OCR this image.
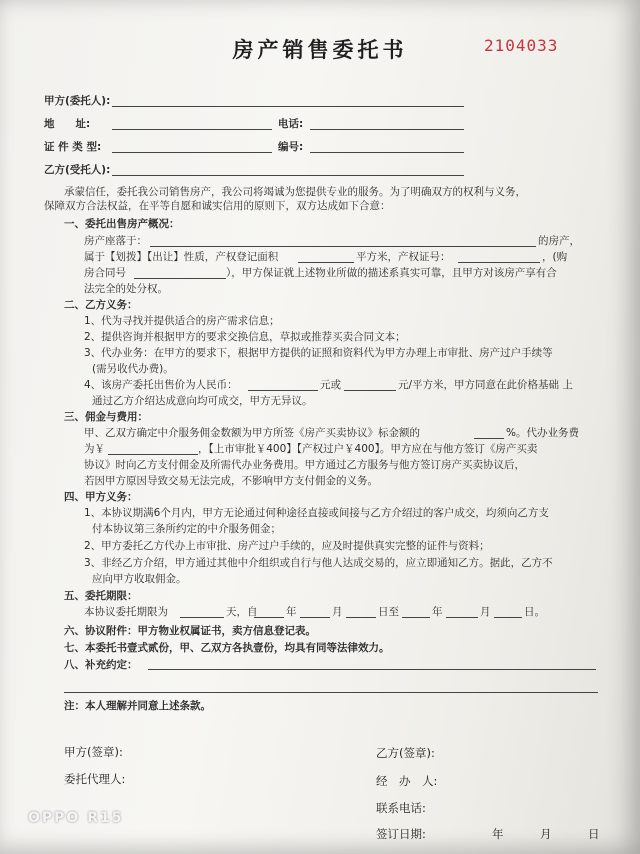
房产销售委托书	2104033
甲方(委托人):
地　　址:	电话:
证 件 类 型:	编号:
乙方(受托人):
承蒙信任，委托我公司销售房产，我公司将竭诚为您提供专业的服务。为了明确双方的权利与义务，
保障双方合法权益，在平等自愿和诚实信用的原则下，双方达成如下合意：
一、委托出售房产概况：
房产座落于：	的房产，
属于【划拨】【出让】性质，产权登记面积	平方米，产权证号：	，(购
房合同号	），甲方保证就上述物业所做的描述系真实可靠，且甲方对该房产享有合
法完全的处分权。
二、乙方义务：
1、代为寻找并提供适合的房产需求信息；
2、提供咨询并根据甲方的要求交换信息，草拟或推荐买卖合同文本；
3、代办业务：在甲方的要求下，根据甲方提供的证照和资料代为甲方办理上市审批、房产过户手续等
(需另收代办费)。
4、该房产委托出售价为人民币：	元或	元/平方米，甲方同意在此价格基础 上
通过乙方介绍达成意向均可成交，甲方无异议。
三、佣金与费用：
甲、乙双方确定中介服务佣金数额为甲方所签《房产买卖协议》标金额的	%。代办业务费
为￥	，【上市审批￥400】【产权过户￥400】。甲方应在与他方签订《房产买卖
协议》时向乙方支付佣金及所需代办业务费用。甲方通过乙方服务与他方签订房产买卖协议后，
若因甲方原因导致交易无法完成，不影响甲方支付佣金的义务。
四、甲方义务：
1、本协议期满6个月内，甲方无论通过何种途径直接或间接与乙方介绍过的客户成交，均须向乙方支
付本协议第三条所约定的中介服务佣金；
2、甲方委托乙方代办上市审批、房产过户手续的，应及时提供真实完整的证件与资料；
3、非经乙方介绍，甲方通过其他中介组织或自行与他人达成交易的，应立即通知乙方。据此，乙方不
应向甲方收取佣金。
五、委托期限：
本协议委托期限为	天，自	年	月	日至	年	月	日。
六、协议附件：甲方物业权属证书，卖方信息登记表。
七、本委托书壹式贰份，甲、乙双方各执壹份，均具有同等法律效力。
八、补充约定：
注：本人理解并同意上述条款。
甲方(签章):
委托代理人:
乙方(签章):
经　办　人:
联系电话:
签订日期:	年	月	日
OPPO R15
